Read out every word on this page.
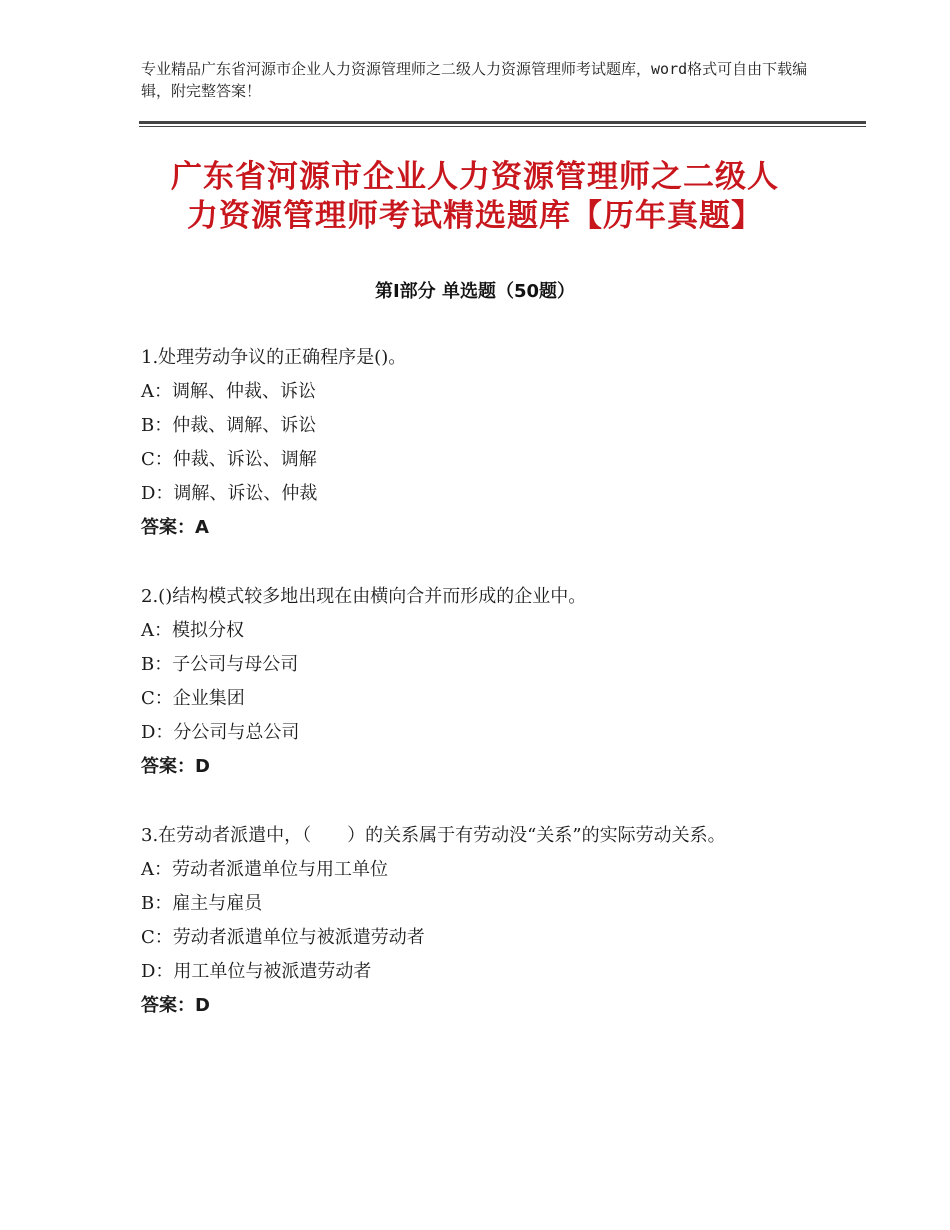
专业精品广东省河源市企业人力资源管理师之二级人力资源管理师考试题库，word格式可自由下载编辑，附完整答案！
广东省河源市企业人力资源管理师之二级人
力资源管理师考试精选题库【历年真题】
第Ⅰ部分 单选题（50题）
1.处理劳动争议的正确程序是()。
A：调解、仲裁、诉讼
B：仲裁、调解、诉讼
C：仲裁、诉讼、调解
D：调解、诉讼、仲裁
答案：A
2.()结构模式较多地出现在由横向合并而形成的企业中。
A：模拟分权
B：子公司与母公司
C：企业集团
D：分公司与总公司
答案：D
3.在劳动者派遣中，（　　）的关系属于有劳动没“关系”的实际劳动关系。
A：劳动者派遣单位与用工单位
B：雇主与雇员
C：劳动者派遣单位与被派遣劳动者
D：用工单位与被派遣劳动者
答案：D
